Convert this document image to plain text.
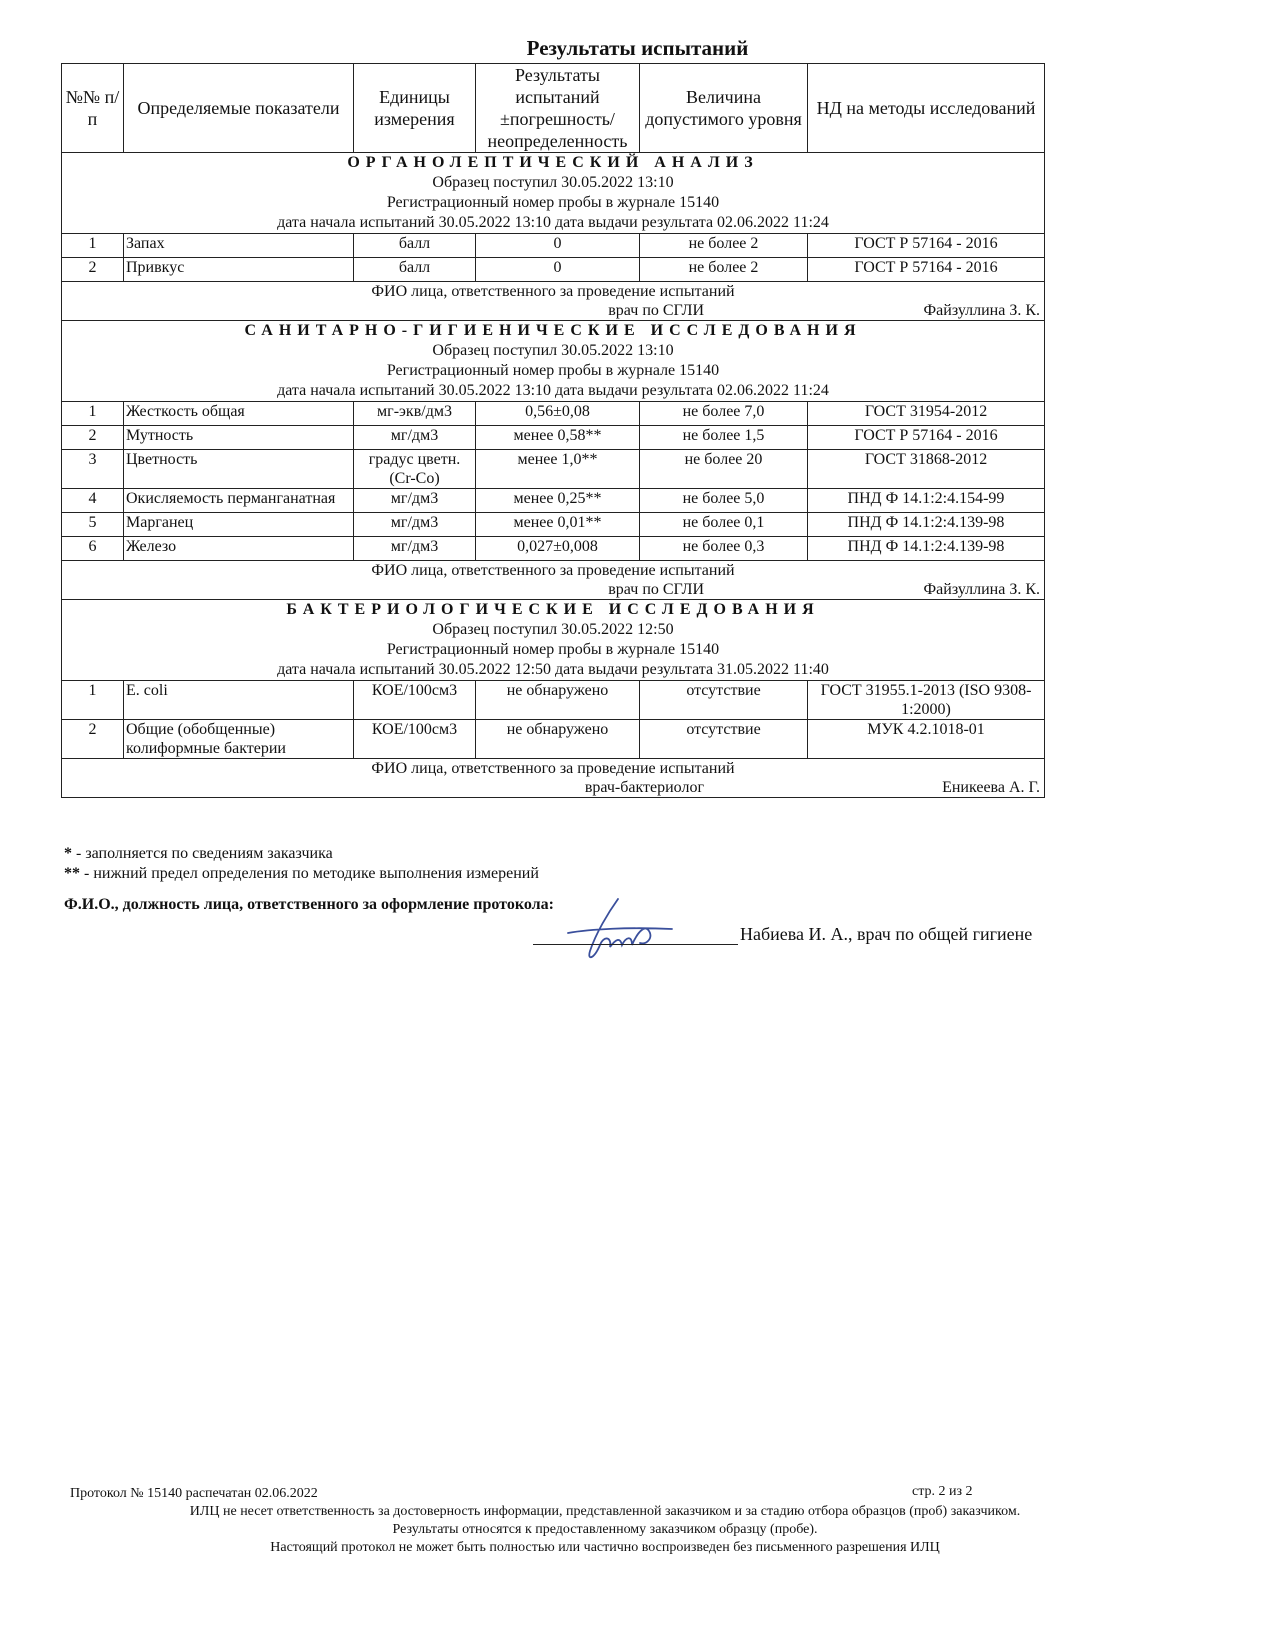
Результаты испытаний
№№ п/п	Определяемые показатели	Единицы измерения	Результаты испытаний ±погрешность/ неопределенность	Величина допустимого уровня	НД на методы исследований

ОРГАНОЛЕПТИЧЕСКИЙ АНАЛИЗ
Образец поступил 30.05.2022 13:10
Регистрационный номер пробы в журнале 15140
дата начала испытаний 30.05.2022 13:10 дата выдачи результата 02.06.2022 11:24					

1	Запах	балл	0	не более 2	ГОСТ Р 57164 - 2016
2	Привкус	балл	0	не более 2	ГОСТ Р 57164 - 2016

ФИО лица, ответственного за проведение испытаний
врач по СГЛИ Файзуллина З. К.					

САНИТАРНО-ГИГИЕНИЧЕСКИЕ ИССЛЕДОВАНИЯ
Образец поступил 30.05.2022 13:10
Регистрационный номер пробы в журнале 15140
дата начала испытаний 30.05.2022 13:10 дата выдачи результата 02.06.2022 11:24					

1	Жесткость общая	мг-экв/дм3	0,56±0,08	не более 7,0	ГОСТ 31954-2012
2	Мутность	мг/дм3	менее 0,58**	не более 1,5	ГОСТ Р 57164 - 2016
3	Цветность	градус цветн.(Cr-Co)	менее 1,0**	не более 20	ГОСТ 31868-2012
4	Окисляемость перманганатная	мг/дм3	менее 0,25**	не более 5,0	ПНД Ф 14.1:2:4.154-99
5	Марганец	мг/дм3	менее 0,01**	не более 0,1	ПНД Ф 14.1:2:4.139-98
6	Железо	мг/дм3	0,027±0,008	не более 0,3	ПНД Ф 14.1:2:4.139-98

ФИО лица, ответственного за проведение испытаний
врач по СГЛИ Файзуллина З. К.					

БАКТЕРИОЛОГИЧЕСКИЕ ИССЛЕДОВАНИЯ
Образец поступил 30.05.2022 12:50
Регистрационный номер пробы в журнале 15140
дата начала испытаний 30.05.2022 12:50 дата выдачи результата 31.05.2022 11:40					

1	E. coli	КОЕ/100см3	не обнаружено	отсутствие	ГОСТ 31955.1-2013 (ISO 9308-1:2000)
2	Общие (обобщенные) колиформные бактерии	КОЕ/100см3	не обнаружено	отсутствие	МУК 4.2.1018-01

ФИО лица, ответственного за проведение испытаний
врач-бактериолог Еникеева А. Г.					
* - заполняется по сведениям заказчика
** - нижний предел определения по методике выполнения измерений
Ф.И.О., должность лица, ответственного за оформление протокола:
Набиева И. А., врач по общей гигиене
Протокол № 15140 распечатан 02.06.2022	стр. 2 из 2
ИЛЦ не несет ответственность за достоверность информации, представленной заказчиком и за стадию отбора образцов (проб) заказчиком.
Результаты относятся к предоставленному заказчиком образцу (пробе).
Настоящий протокол не может быть полностью или частично воспроизведен без письменного разрешения ИЛЦ
